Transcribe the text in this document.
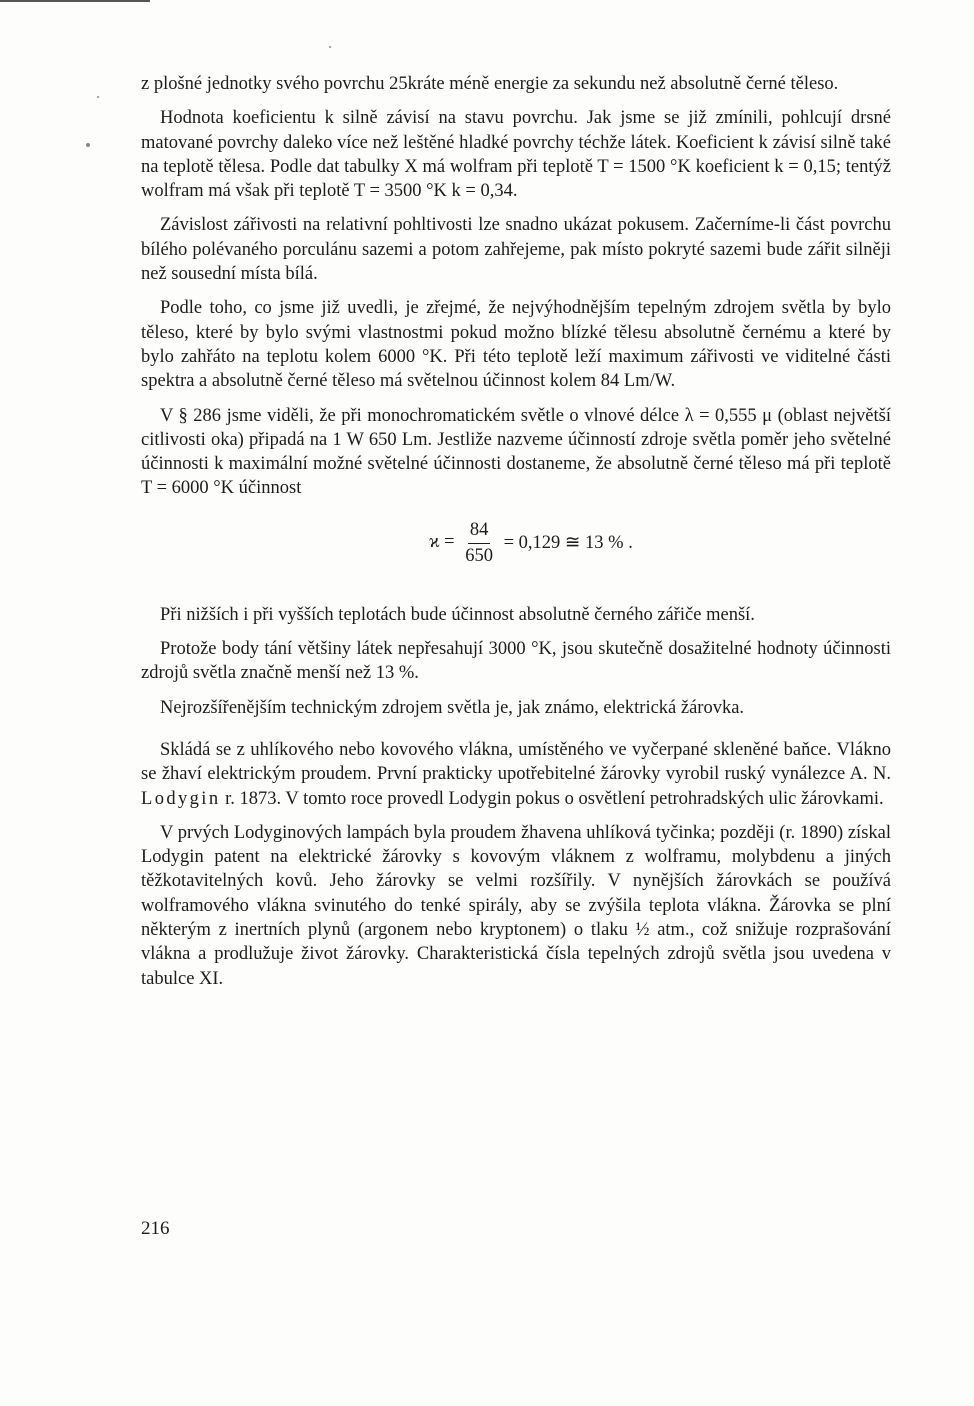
z plošné jednotky svého povrchu 25kráte méně energie za sekundu než absolutně černé těleso.

Hodnota koeficientu k silně závisí na stavu povrchu. Jak jsme se již zmínili, pohlcují drsné matované povrchy daleko více než leštěné hladké povrchy téchže látek. Koeficient k závisí silně také na teplotě tělesa. Podle dat tabulky X má wolfram při teplotě T = 1500 °K koeficient k = 0,15; tentýž wolfram má však při teplotě T = 3500 °K k = 0,34.

Závislost zářivosti na relativní pohltivosti lze snadno ukázat pokusem. Začerníme-li část povrchu bílého polévaného porculánu sazemi a potom zahřejeme, pak místo pokryté sazemi bude zářit silněji než sousední místa bílá.

Podle toho, co jsme již uvedli, je zřejmé, že nejvýhodnějším tepelným zdrojem světla by bylo těleso, které by bylo svými vlastnostmi pokud možno blízké tělesu absolutně černému a které by bylo zahřáto na teplotu kolem 6000 °K. Při této teplotě leží maximum zářivosti ve viditelné části spektra a absolutně černé těleso má světelnou účinnost kolem 84 Lm/W.

V § 286 jsme viděli, že při monochromatickém světle o vlnové délce λ = 0,555 μ (oblast největší citlivosti oka) připadá na 1 W 650 Lm. Jestliže nazveme účinností zdroje světla poměr jeho světelné účinnosti k maximální možné světelné účinnosti dostaneme, že absolutně černé těleso má při teplotě T = 6000 °K účinnost

$ϰ = \frac{84}{650} = 0,129$ ≅ 13 % .

Při nižších i při vyšších teplotách bude účinnost absolutně černého zářiče menší.

Protože body tání většiny látek nepřesahují 3000 °K, jsou skutečně dosažitelné hodnoty účinnosti zdrojů světla značně menší než 13 %.

Nejrozšířenějším technickým zdrojem světla je, jak známo, elektrická žárovka.

Skládá se z uhlíkového nebo kovového vlákna, umístěného ve vyčerpané skleněné baňce. Vlákno se žhaví elektrickým proudem. První prakticky upotřebitelné žárovky vyrobil ruský vynálezce A. N. Lodygin r. 1873. V tomto roce provedl Lodygin pokus o osvětlení petrohradských ulic žárovkami.

V prvých Lodyginových lampách byla proudem žhavena uhlíková tyčinka; později (r. 1890) získal Lodygin patent na elektrické žárovky s kovovým vláknem z wolframu, molybdenu a jiných těžkotavitelných kovů. Jeho žárovky se velmi rozšířily. V nynějších žárovkách se používá wolframového vlákna svinutého do tenké spirály, aby se zvýšila teplota vlákna. Žárovka se plní některým z inertních plynů (argonem nebo kryptonem) o tlaku ½ atm., což snižuje rozprašování vlákna a prodlužuje život žárovky. Charakteristická čísla tepelných zdrojů světla jsou uvedena v tabulce XI.

216
